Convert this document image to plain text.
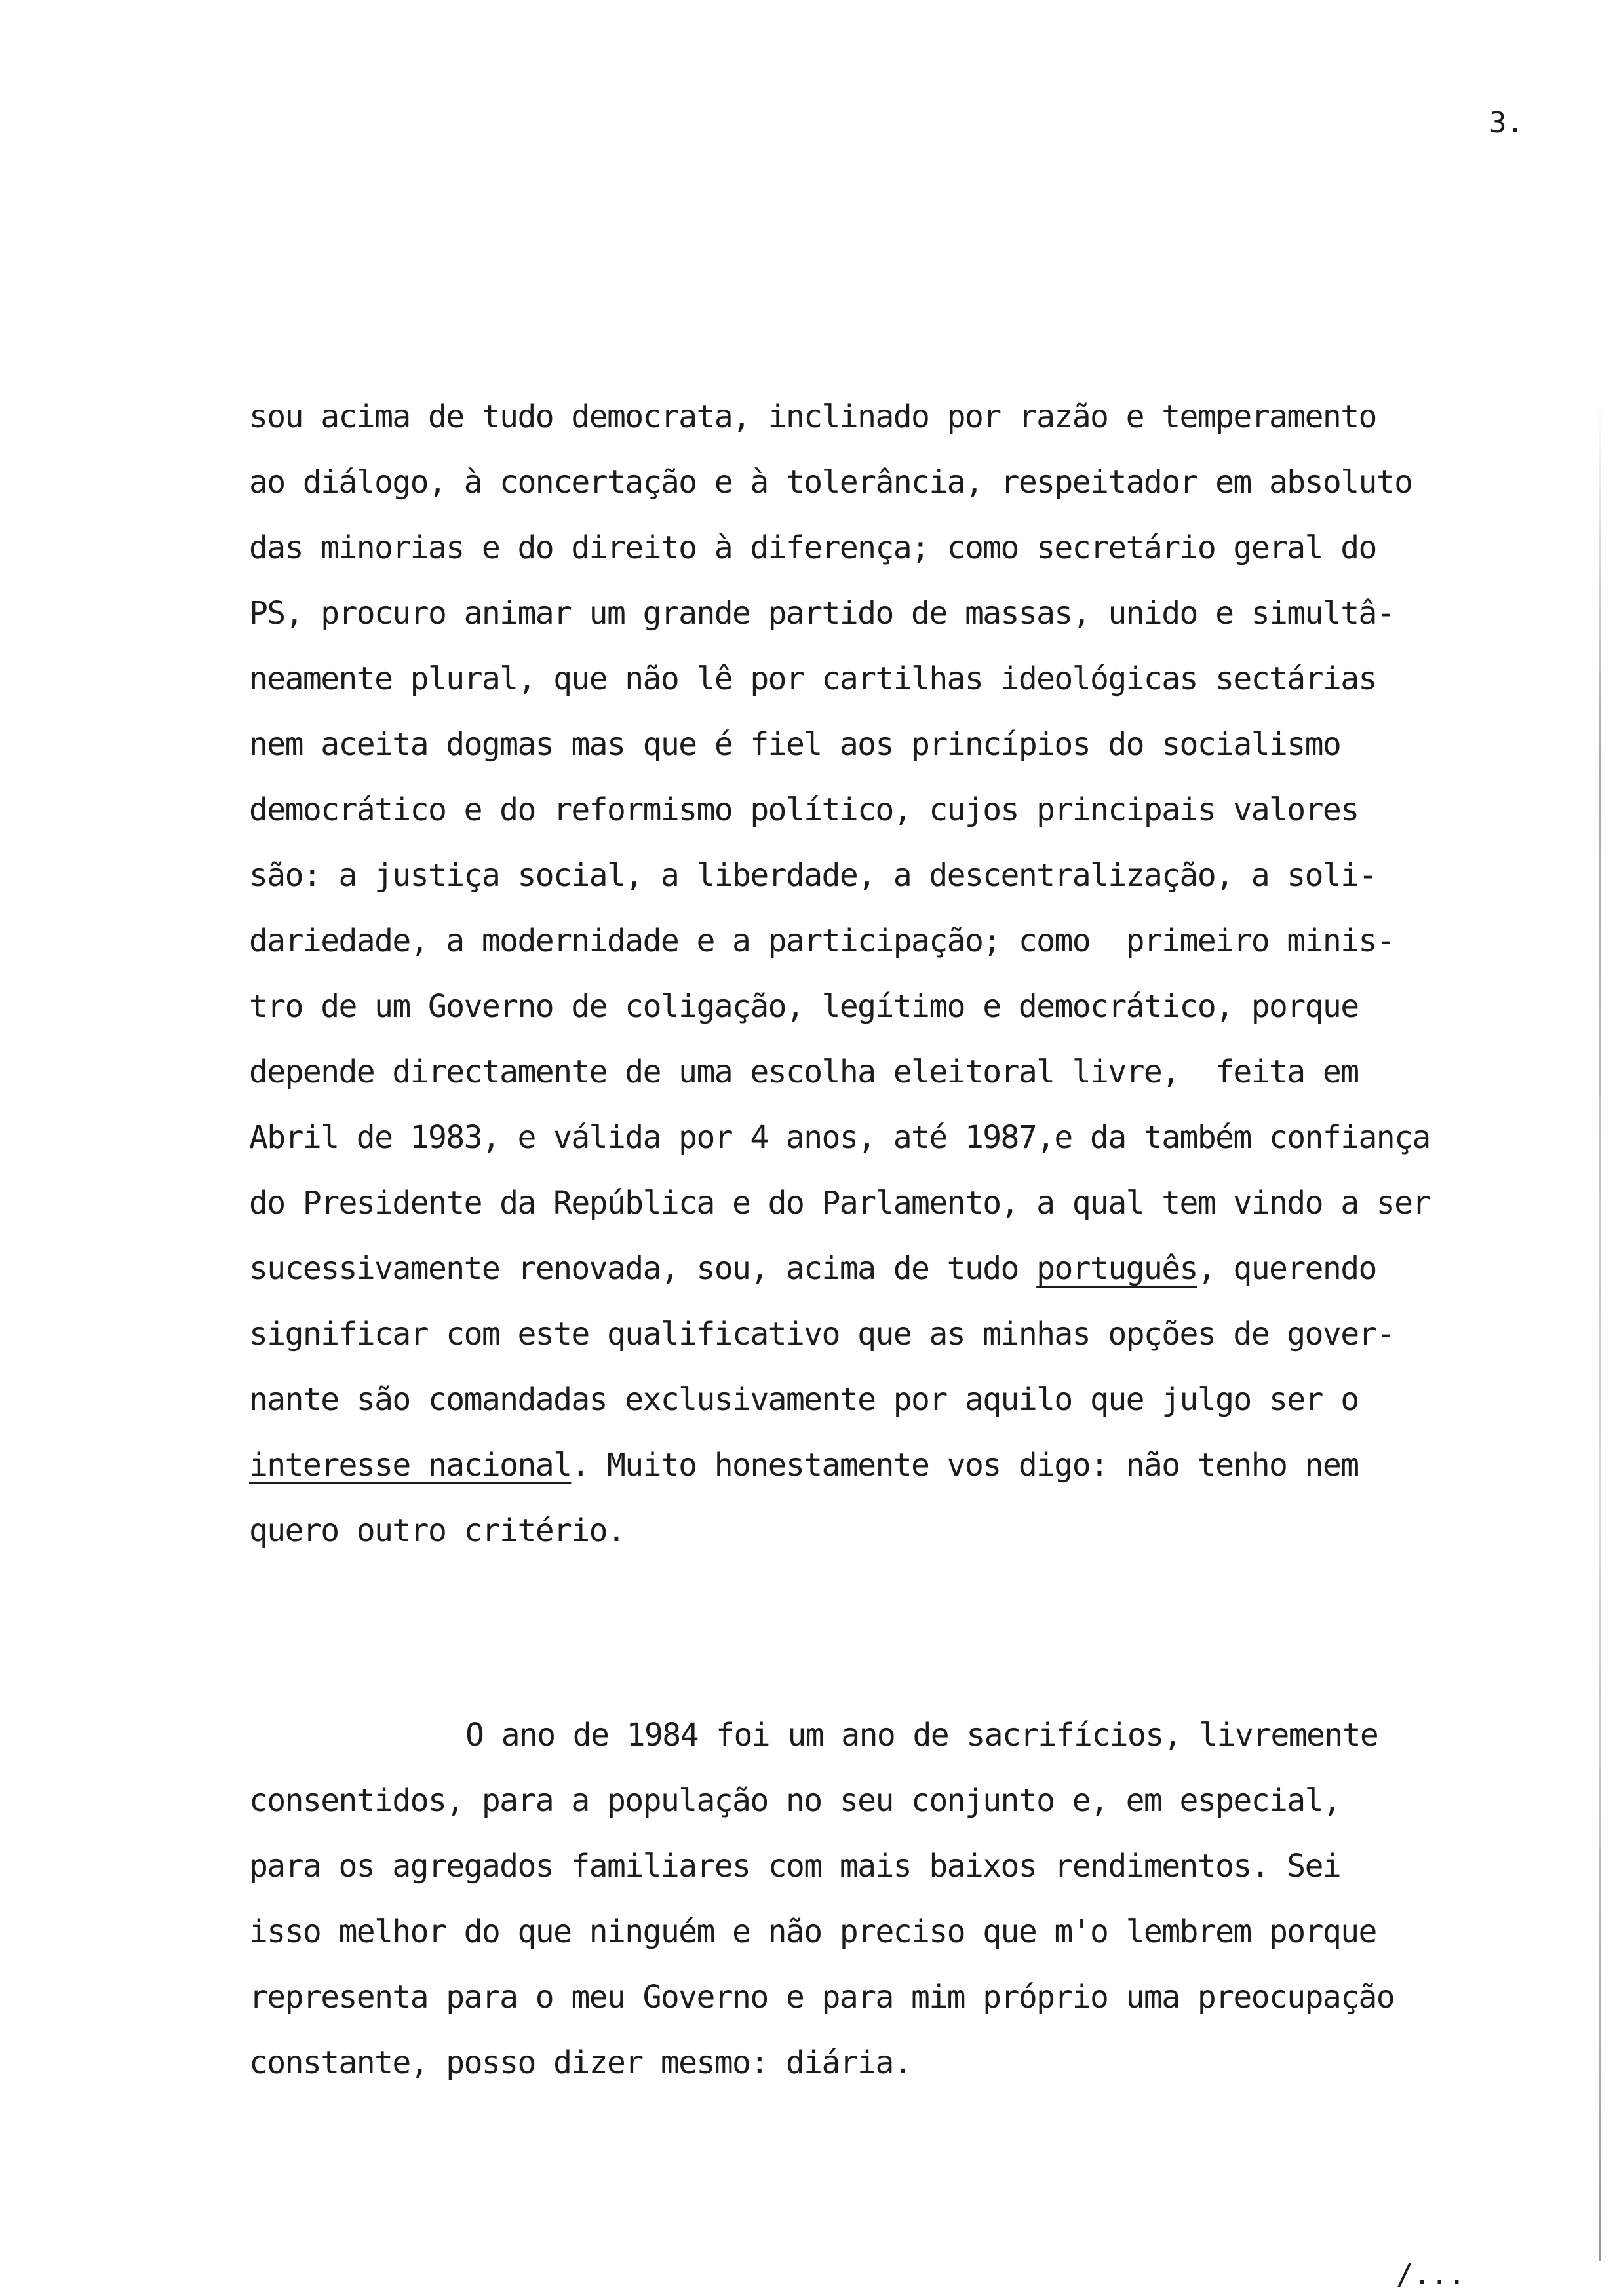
3.
sou acima de tudo democrata, inclinado por razão e temperamento
ao diálogo, à concertação e à tolerância, respeitador em absoluto
das minorias e do direito à diferença; como secretário geral do
PS, procuro animar um grande partido de massas, unido e simultâ-
neamente plural, que não lê por cartilhas ideológicas sectárias
nem aceita dogmas mas que é fiel aos princípios do socialismo
democrático e do reformismo político, cujos principais valores
são: a justiça social, a liberdade, a descentralização, a soli-
dariedade, a modernidade e a participação; como  primeiro minis-
tro de um Governo de coligação, legítimo e democrático, porque
depende directamente de uma escolha eleitoral livre,  feita em
Abril de 1983, e válida por 4 anos, até 1987,e da também confiança
do Presidente da República e do Parlamento, a qual tem vindo a ser
sucessivamente renovada, sou, acima de tudo português, querendo
significar com este qualificativo que as minhas opções de gover-
nante são comandadas exclusivamente por aquilo que julgo ser o
interesse nacional. Muito honestamente vos digo: não tenho nem
quero outro critério.
O ano de 1984 foi um ano de sacrifícios, livremente
consentidos, para a população no seu conjunto e, em especial,
para os agregados familiares com mais baixos rendimentos. Sei
isso melhor do que ninguém e não preciso que m'o lembrem porque
representa para o meu Governo e para mim próprio uma preocupação
constante, posso dizer mesmo: diária.
/...
